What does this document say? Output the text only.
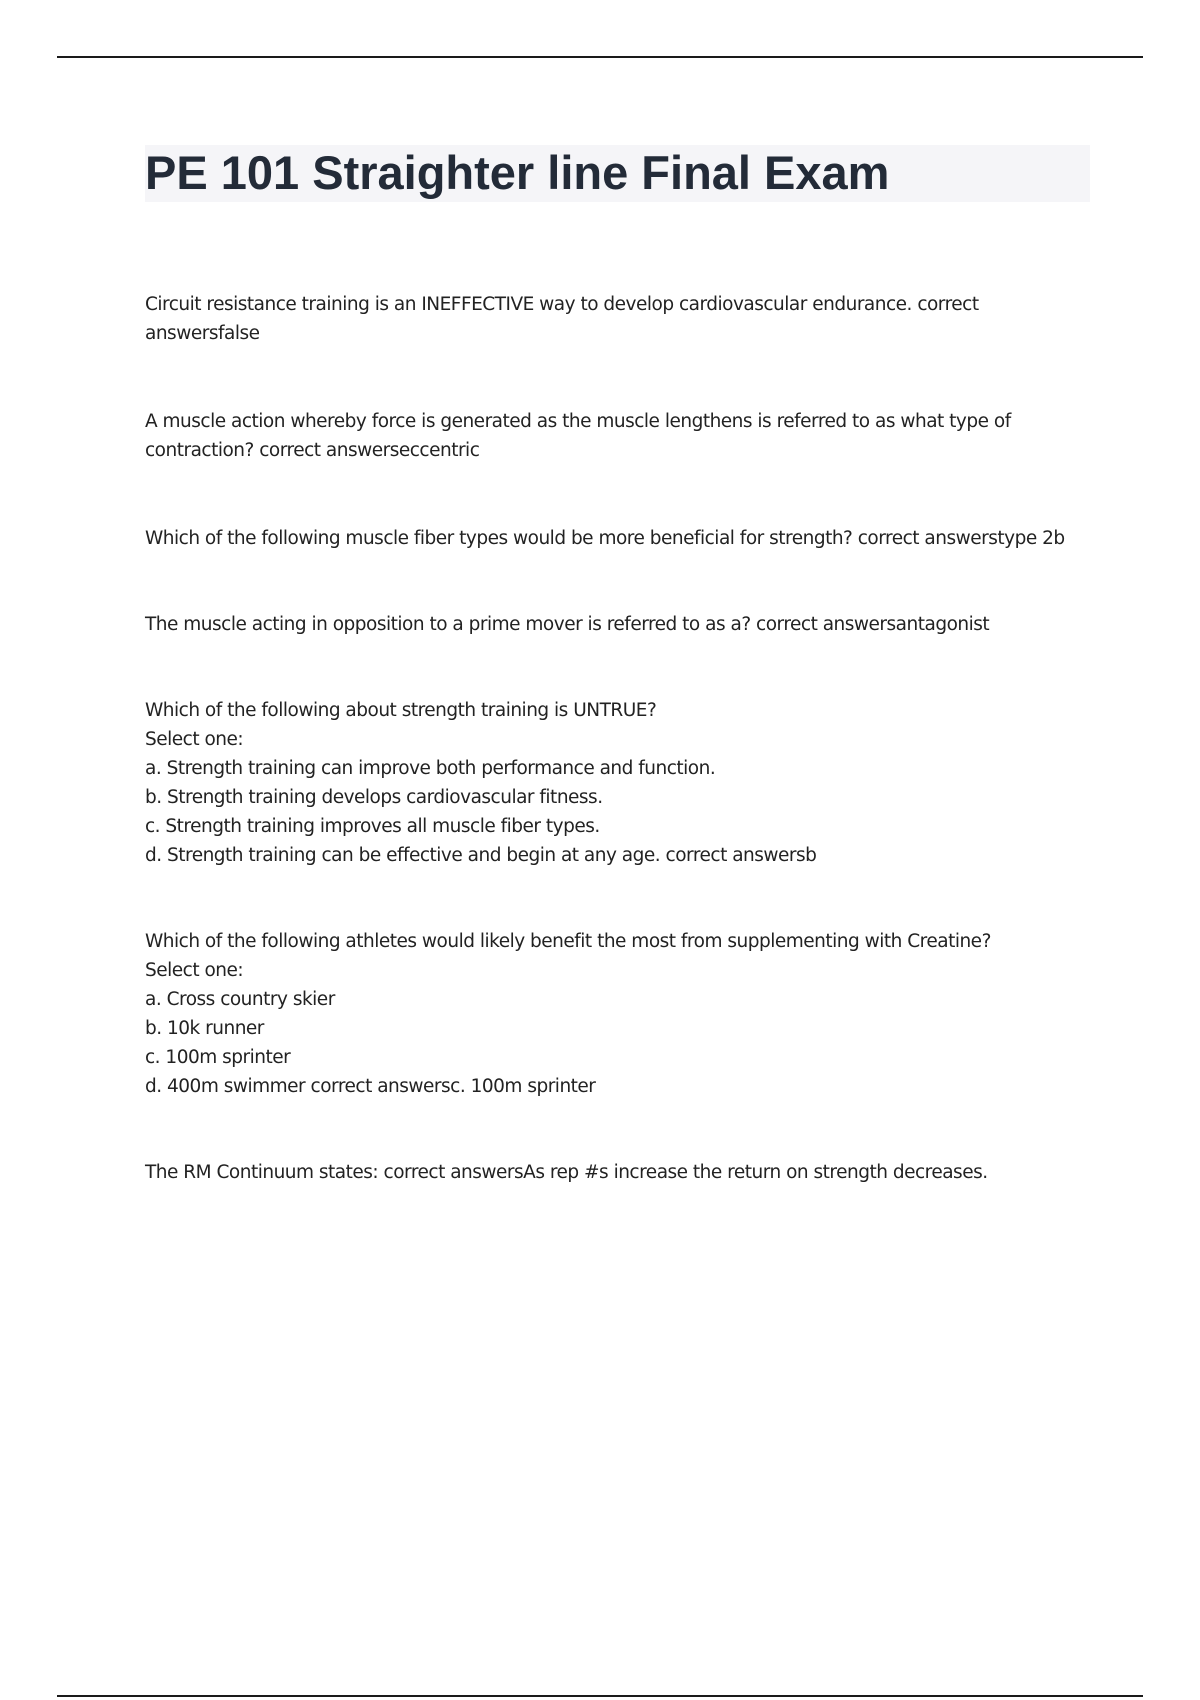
PE 101 Straighter line Final Exam

Circuit resistance training is an INEFFECTIVE way to develop cardiovascular endurance. correct answersfalse

A muscle action whereby force is generated as the muscle lengthens is referred to as what type of contraction? correct answerseccentric

Which of the following muscle fiber types would be more beneficial for strength? correct answerstype 2b

The muscle acting in opposition to a prime mover is referred to as a? correct answersantagonist

Which of the following about strength training is UNTRUE?

Select one:

a. Strength training can improve both performance and function.

b. Strength training develops cardiovascular fitness.

c. Strength training improves all muscle fiber types.

d. Strength training can be effective and begin at any age. correct answersb

Which of the following athletes would likely benefit the most from supplementing with Creatine?

Select one:

a. Cross country skier

b. 10k runner

c. 100m sprinter

d. 400m swimmer correct answersc. 100m sprinter

The RM Continuum states: correct answersAs rep #s increase the return on strength decreases.
